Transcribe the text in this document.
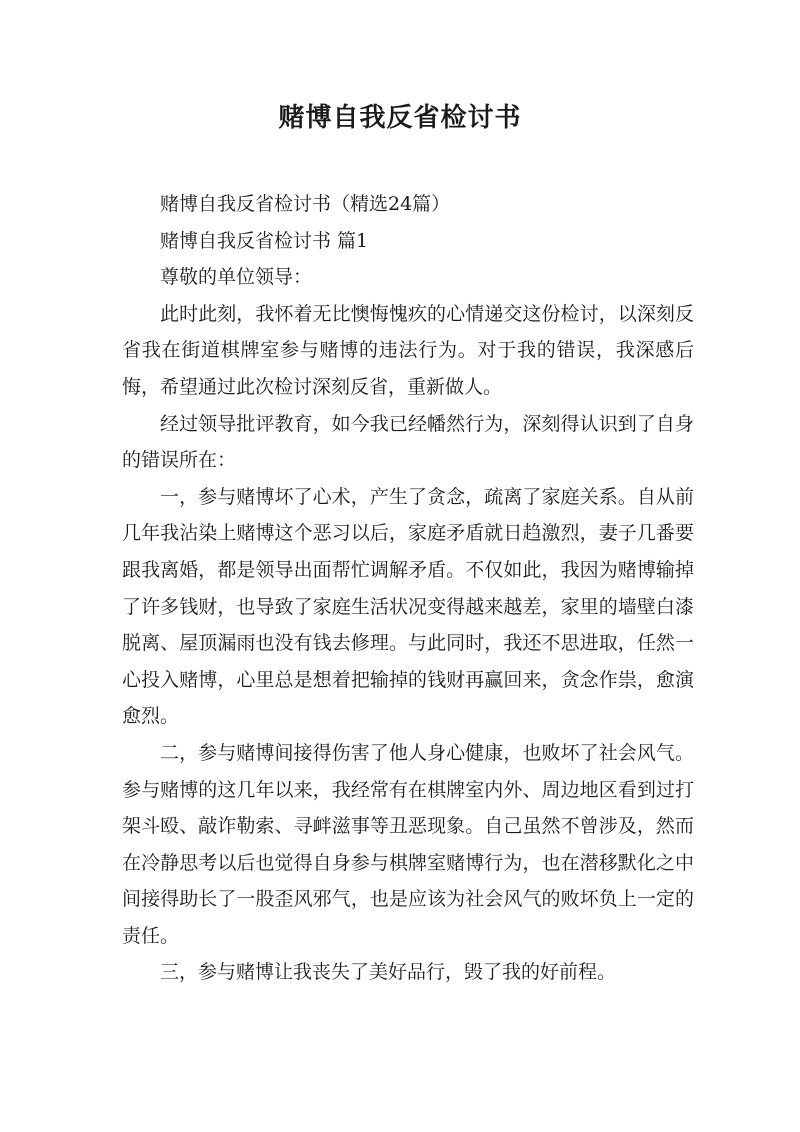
赌博自我反省检讨书

赌博自我反省检讨书（精选24篇）

赌博自我反省检讨书 篇1

尊敬的单位领导：

此时此刻，我怀着无比懊悔愧疚的心情递交这份检讨，以深刻反省我在街道棋牌室参与赌博的违法行为。对于我的错误，我深感后悔，希望通过此次检讨深刻反省，重新做人。

经过领导批评教育，如今我已经幡然行为，深刻得认识到了自身的错误所在：

一，参与赌博坏了心术，产生了贪念，疏离了家庭关系。自从前几年我沾染上赌博这个恶习以后，家庭矛盾就日趋激烈，妻子几番要跟我离婚，都是领导出面帮忙调解矛盾。不仅如此，我因为赌博输掉了许多钱财，也导致了家庭生活状况变得越来越差，家里的墙壁白漆脱离、屋顶漏雨也没有钱去修理。与此同时，我还不思进取，任然一心投入赌博，心里总是想着把输掉的钱财再赢回来，贪念作祟，愈演愈烈。

二，参与赌博间接得伤害了他人身心健康，也败坏了社会风气。参与赌博的这几年以来，我经常有在棋牌室内外、周边地区看到过打架斗殴、敲诈勒索、寻衅滋事等丑恶现象。自己虽然不曾涉及，然而在冷静思考以后也觉得自身参与棋牌室赌博行为，也在潜移默化之中间接得助长了一股歪风邪气，也是应该为社会风气的败坏负上一定的责任。

三，参与赌博让我丧失了美好品行，毁了我的好前程。
